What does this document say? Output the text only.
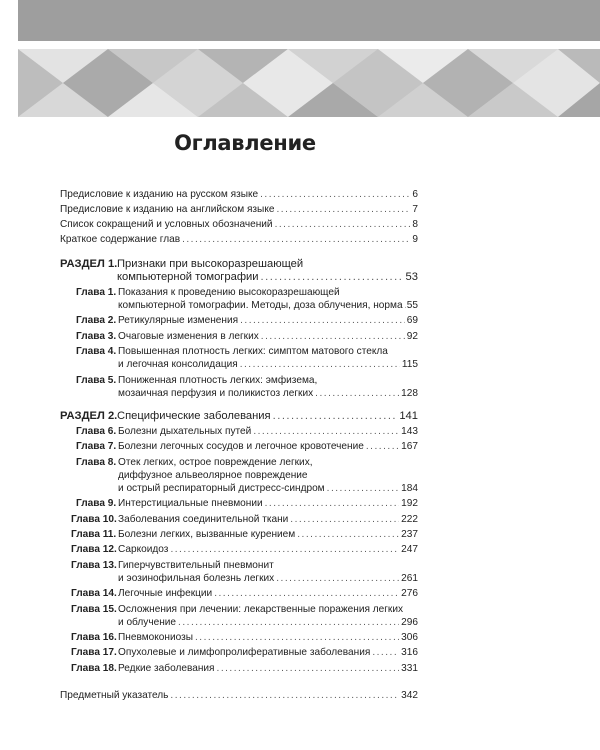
Оглавление
Предисловие к изданию на русском языке .....	6
Предисловие к изданию на английском языке .....	7
Список сокращений и условных обозначений .....	8
Краткое содержание глав .....	9
РАЗДЕЛ 1. Признаки при высокоразрешающей
компьютерной томографии .....	53
Глава 1. Показания к проведению высокоразрешающей
компьютерной томографии. Методы, доза облучения, норма ..... 55
Глава 2. Ретикулярные изменения .....	69
Глава 3. Очаговые изменения в легких .....	92
Глава 4. Повышенная плотность легких: симптом матового стекла
и легочная консолидация .....	115
Глава 5. Пониженная плотность легких: эмфизема,
мозаичная перфузия и поликистоз легких .....	128
РАЗДЕЛ 2. Специфические заболевания .....	141
Глава 6. Болезни дыхательных путей .....	143
Глава 7. Болезни легочных сосудов и легочное кровотечение .....	167
Глава 8. Отек легких, острое повреждение легких,
диффузное альвеолярное повреждение
и острый респираторный дистресс-синдром .....	184
Глава 9. Интерстициальные пневмонии .....	192
Глава 10. Заболевания соединительной ткани .....	222
Глава 11. Болезни легких, вызванные курением .....	237
Глава 12. Саркоидоз .....	247
Глава 13. Гиперчувствительный пневмонит
и эозинофильная болезнь легких .....	261
Глава 14. Легочные инфекции .....	276
Глава 15. Осложнения при лечении: лекарственные поражения легких
и облучение .....	296
Глава 16. Пневмокониозы .....	306
Глава 17. Опухолевые и лимфопролиферативные заболевания .....	316
Глава 18. Редкие заболевания .....	331
Предметный указатель .....	342
